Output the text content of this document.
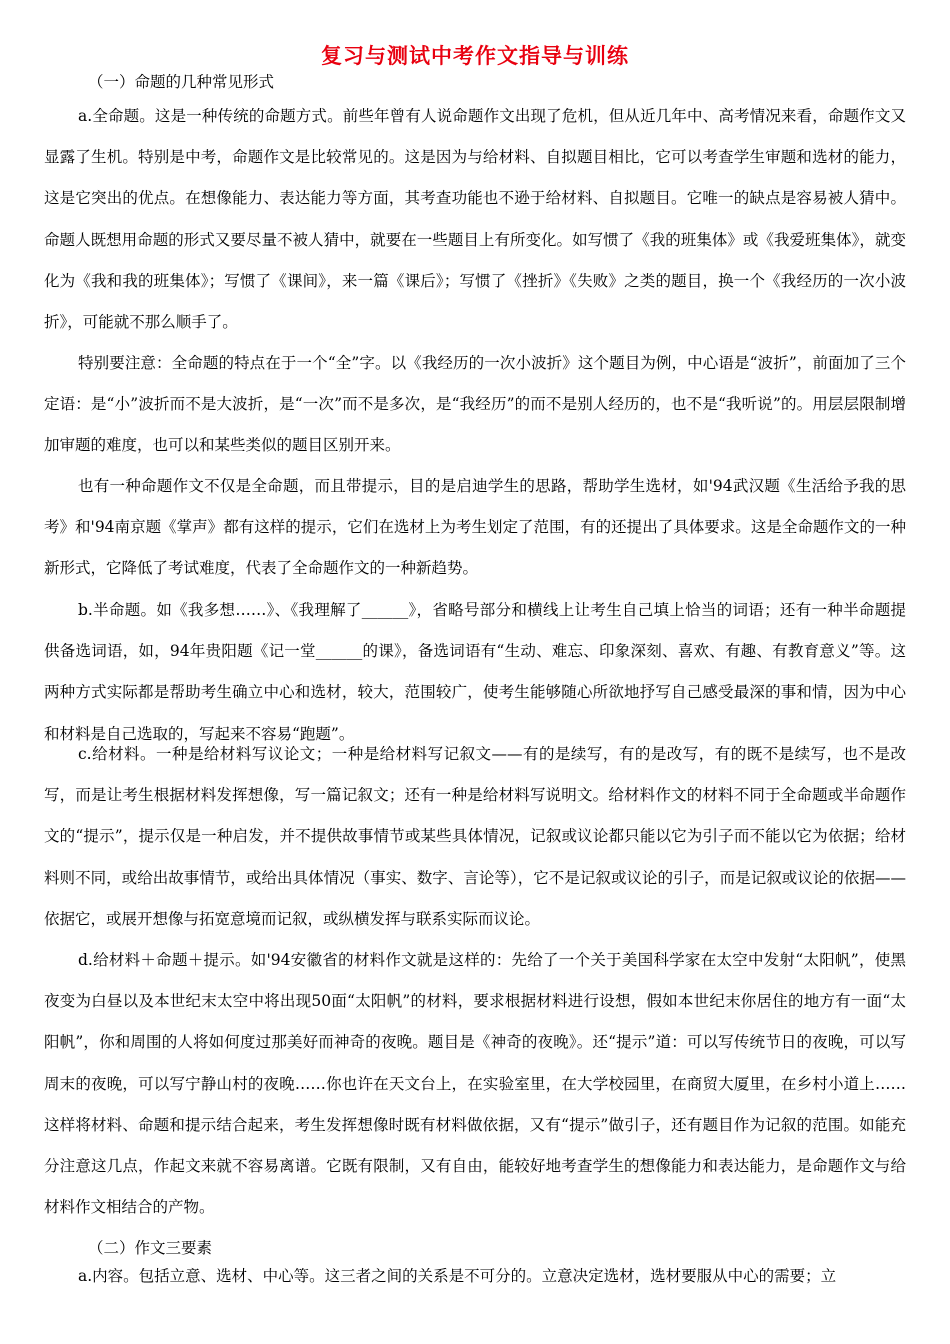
复习与测试中考作文指导与训练
（一）命题的几种常见形式

a.全命题。这是一种传统的命题方式。前些年曾有人说命题作文出现了危机，但从近几年中、高考情况来看，命题作文又显露了生机。特别是中考，命题作文是比较常见的。这是因为与给材料、自拟题目相比，它可以考查学生审题和选材的能力，这是它突出的优点。在想像能力、表达能力等方面，其考查功能也不逊于给材料、自拟题目。它唯一的缺点是容易被人猜中。命题人既想用命题的形式又要尽量不被人猜中，就要在一些题目上有所变化。如写惯了《我的班集体》或《我爱班集体》，就变化为《我和我的班集体》；写惯了《课间》，来一篇《课后》；写惯了《挫折》《失败》之类的题目，换一个《我经历的一次小波折》，可能就不那么顺手了。

特别要注意：全命题的特点在于一个“全”字。以《我经历的一次小波折》这个题目为例，中心语是“波折”，前面加了三个定语：是“小”波折而不是大波折，是“一次”而不是多次，是“我经历”的而不是别人经历的，也不是“我听说”的。用层层限制增加审题的难度，也可以和某些类似的题目区别开来。

也有一种命题作文不仅是全命题，而且带提示，目的是启迪学生的思路，帮助学生选材，如'94武汉题《生活给予我的思考》和'94南京题《掌声》都有这样的提示，它们在选材上为考生划定了范围，有的还提出了具体要求。这是全命题作文的一种新形式，它降低了考试难度，代表了全命题作文的一种新趋势。

b.半命题。如《我多想……》、《我理解了______》，省略号部分和横线上让考生自己填上恰当的词语；还有一种半命题提供备选词语，如，94年贵阳题《记一堂______的课》，备选词语有“生动、难忘、印象深刻、喜欢、有趣、有教育意义”等。这两种方式实际都是帮助考生确立中心和选材，较大，范围较广，使考生能够随心所欲地抒写自己感受最深的事和情，因为中心和材料是自己选取的，写起来不容易“跑题”。

c.给材料。一种是给材料写议论文；一种是给材料写记叙文——有的是续写，有的是改写，有的既不是续写，也不是改写，而是让考生根据材料发挥想像，写一篇记叙文；还有一种是给材料写说明文。给材料作文的材料不同于全命题或半命题作文的“提示”，提示仅是一种启发，并不提供故事情节或某些具体情况，记叙或议论都只能以它为引子而不能以它为依据；给材料则不同，或给出故事情节，或给出具体情况（事实、数字、言论等），它不是记叙或议论的引子，而是记叙或议论的依据——依据它，或展开想像与拓宽意境而记叙，或纵横发挥与联系实际而议论。

d.给材料＋命题＋提示。如'94安徽省的材料作文就是这样的：先给了一个关于美国科学家在太空中发射“太阳帆”，使黑夜变为白昼以及本世纪末太空中将出现50面“太阳帆”的材料，要求根据材料进行设想，假如本世纪末你居住的地方有一面“太阳帆”，你和周围的人将如何度过那美好而神奇的夜晚。题目是《神奇的夜晚》。还“提示”道：可以写传统节日的夜晚，可以写周末的夜晚，可以写宁静山村的夜晚……你也许在天文台上，在实验室里，在大学校园里，在商贸大厦里，在乡村小道上……这样将材料、命题和提示结合起来，考生发挥想像时既有材料做依据，又有“提示”做引子，还有题目作为记叙的范围。如能充分注意这几点，作起文来就不容易离谱。它既有限制，又有自由，能较好地考查学生的想像能力和表达能力，是命题作文与给材料作文相结合的产物。

（二）作文三要素

a.内容。包括立意、选材、中心等。这三者之间的关系是不可分的。立意决定选材，选材要服从中心的需要；立
